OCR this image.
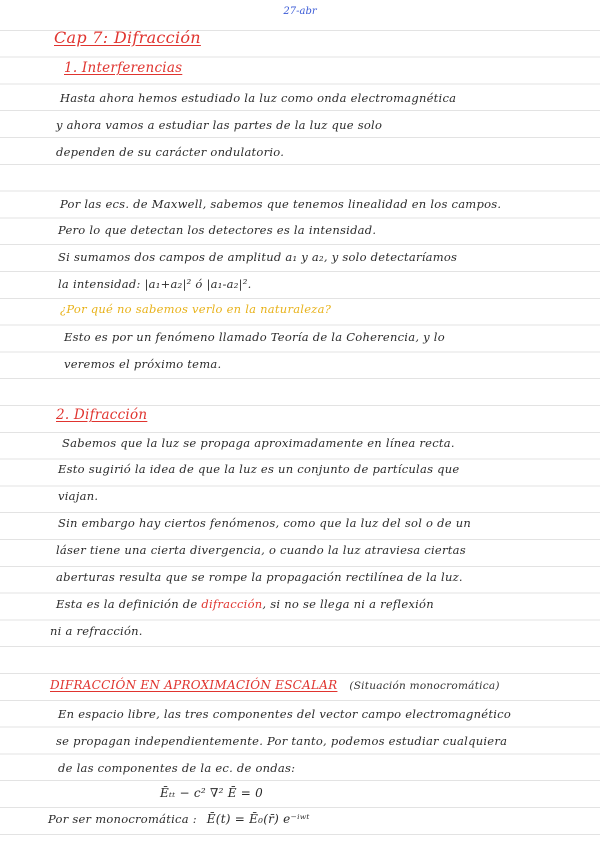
27-abr
Cap 7: Difracción
1. Interferencias
Hasta ahora hemos estudiado la luz como onda electromagnética
y ahora vamos a estudiar las partes de la luz que solo
dependen de su carácter ondulatorio.
Por las ecs. de Maxwell, sabemos que tenemos linealidad en los campos.
Pero lo que detectan los detectores es la intensidad.
Si sumamos dos campos de amplitud a₁ y a₂, y solo detectaríamos
la intensidad: |a₁+a₂|² ó |a₁-a₂|².
¿Por qué no sabemos verlo en la naturaleza?
Esto es por un fenómeno llamado Teoría de la Coherencia, y lo
veremos el próximo tema.
2. Difracción
Sabemos que la luz se propaga aproximadamente en línea recta.
Esto sugirió la idea de que la luz es un conjunto de partículas que
viajan.
Sin embargo hay ciertos fenómenos, como que la luz del sol o de un
láser tiene una cierta divergencia, o cuando la luz atraviesa ciertas
aberturas resulta que se rompe la propagación rectilínea de la luz.
Esta es la definición de difracción, si no se llega ni a reflexión
ni a refracción.
DIFRACCIÓN EN APROXIMACIÓN ESCALAR (Situación monocromática)
En espacio libre, las tres componentes del vector campo electromagnético
se propagan independientemente. Por tanto, podemos estudiar cualquiera
de las componentes de la ec. de ondas:
Ēₜₜ − c² ∇² Ē = 0
Por ser monocromática : Ē(t) = Ē₀(r̄) e⁻ⁱʷᵗ
